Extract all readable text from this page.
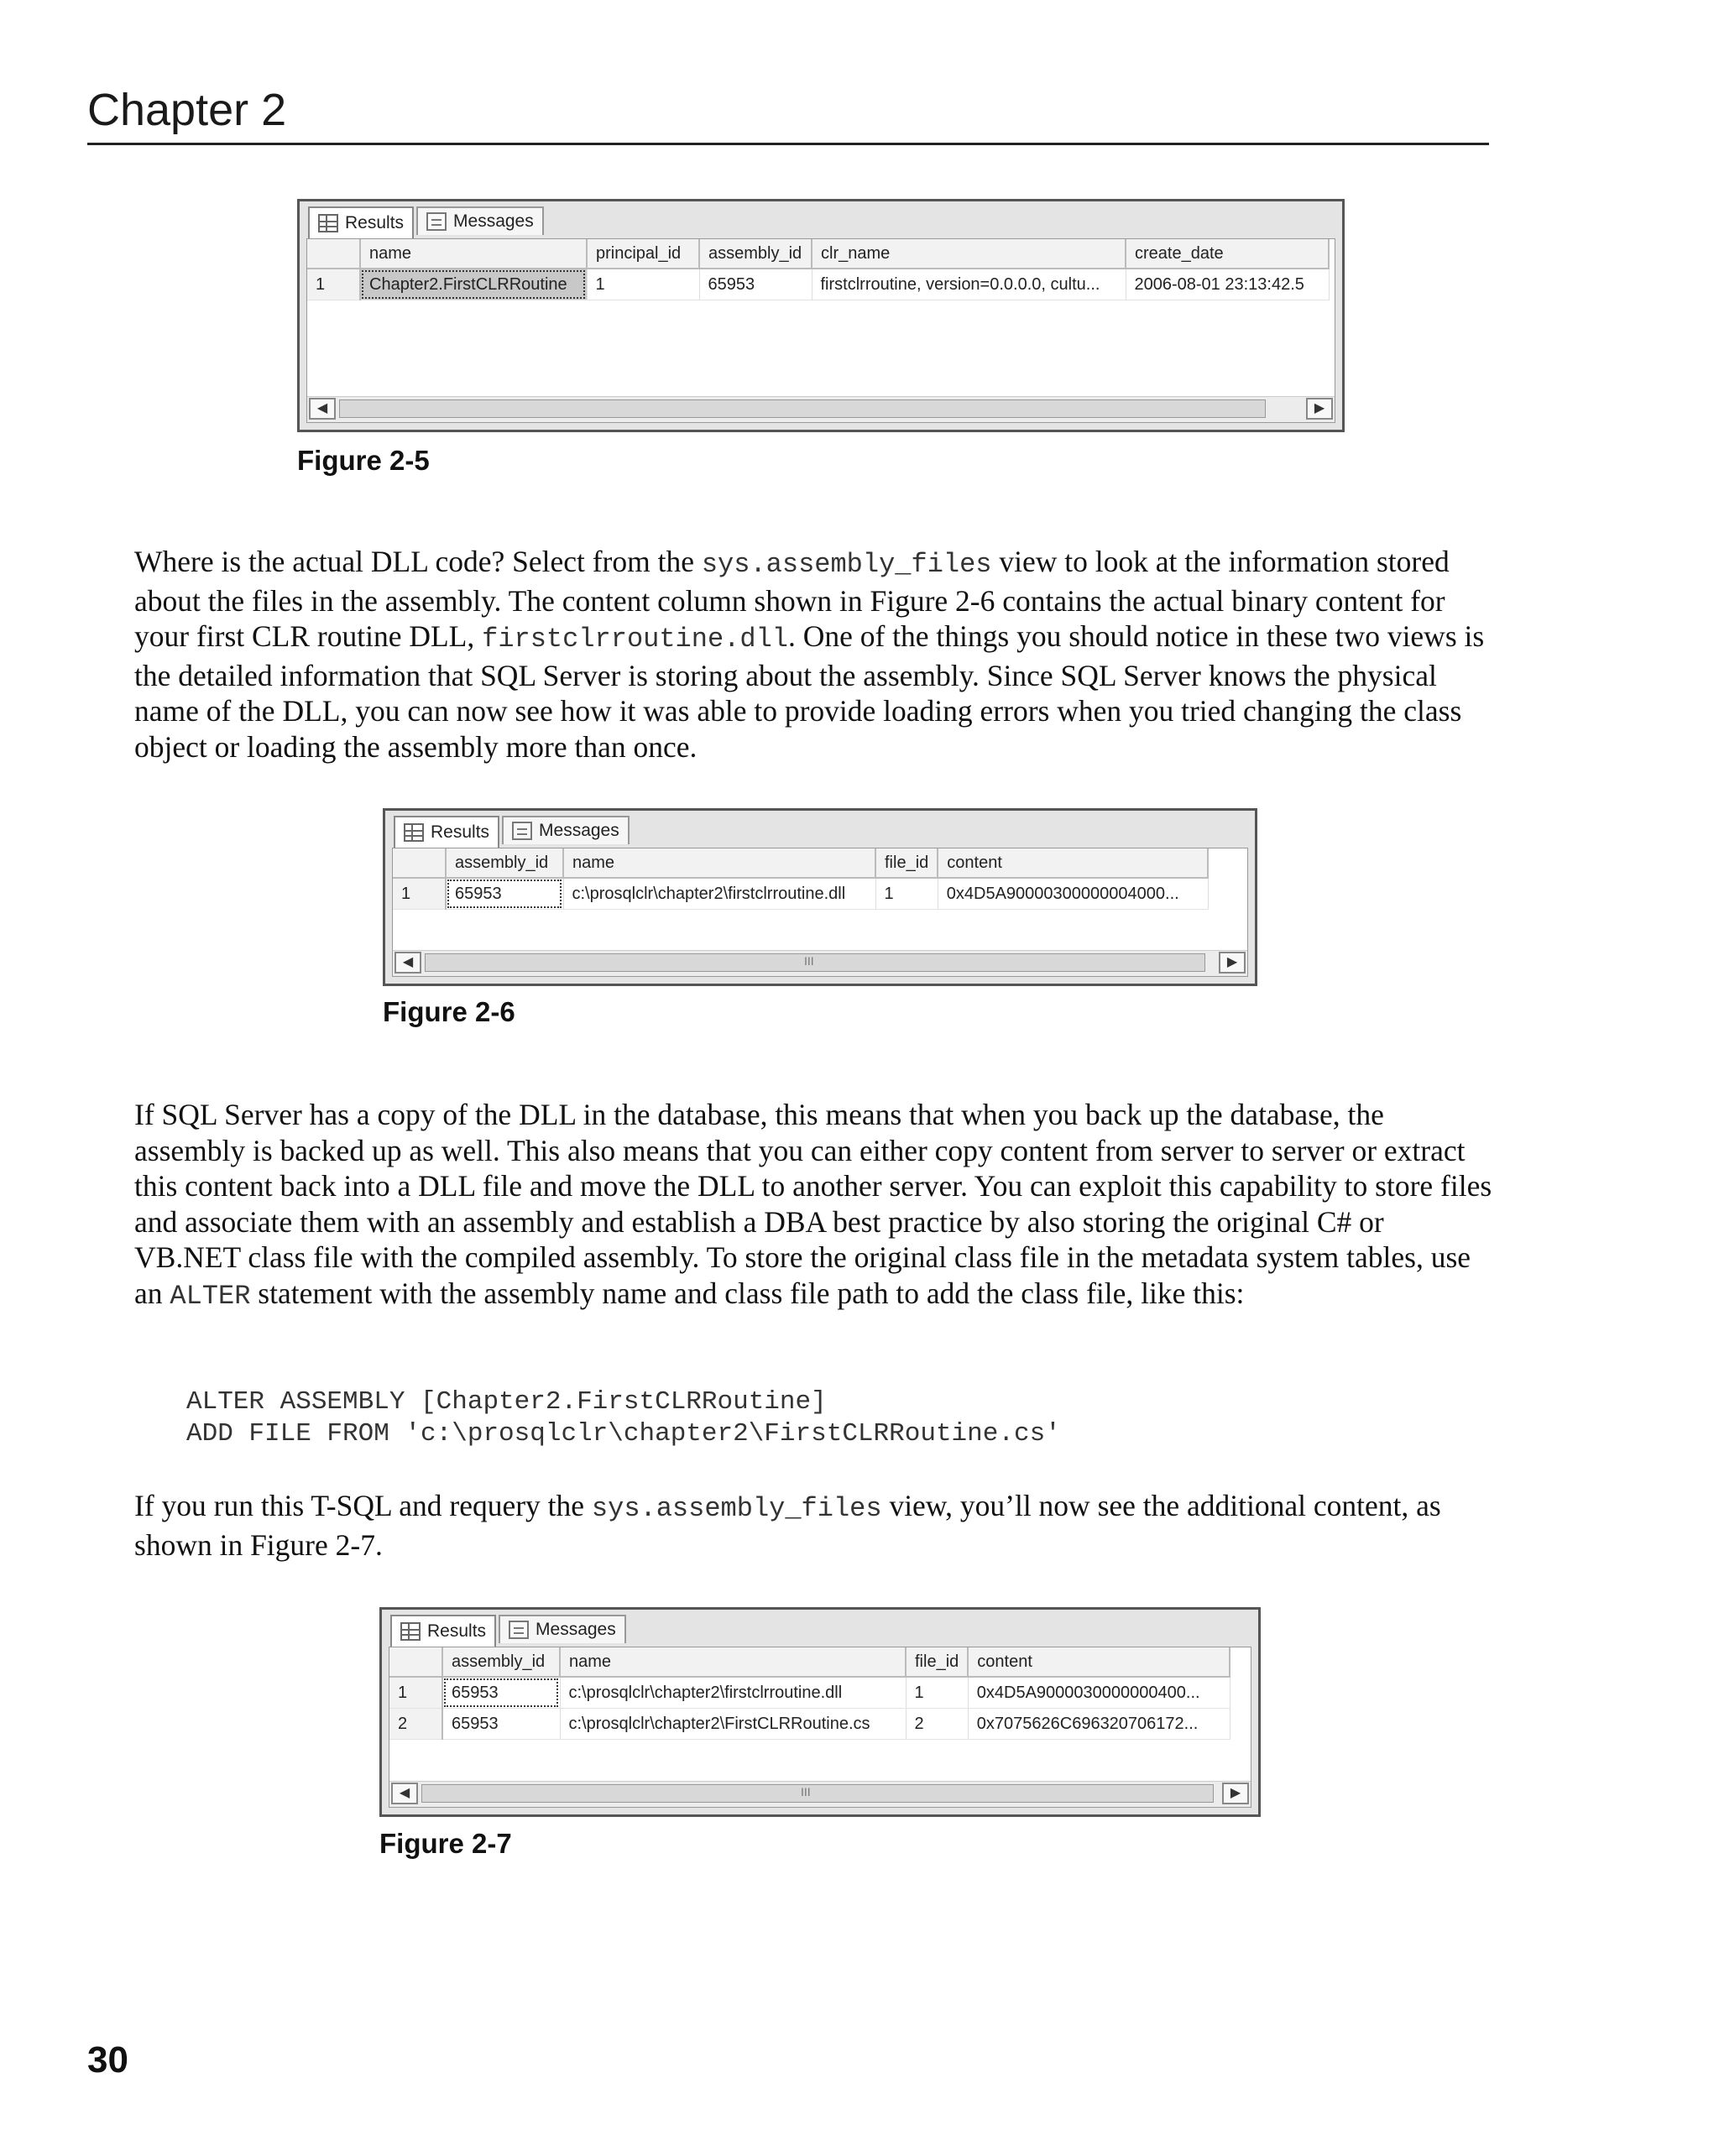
Chapter 2
Results	Messages
	name	principal_id	assembly_id	clr_name	create_date
1	Chapter2.FirstCLRRoutine	1	65953	firstclrroutine, version=0.0.0.0, cultu...	2006-08-01 23:13:42.5
◀	▶
Figure 2-5

Where is the actual DLL code? Select from the sys.assembly_files view to look at the information stored about the files in the assembly. The content column shown in Figure 2-6 contains the actual binary content for your first CLR routine DLL, firstclrroutine.dll. One of the things you should notice in these two views is the detailed information that SQL Server is storing about the assembly. Since SQL Server knows the physical name of the DLL, you can now see how it was able to provide loading errors when you tried changing the class object or loading the assembly more than once.

Results	Messages
	assembly_id	name	file_id	content
1	65953	c:\prosqlclr\chapter2\firstclrroutine.dll	1	0x4D5A90000300000004000...
◀	III	▶
Figure 2-6

If SQL Server has a copy of the DLL in the database, this means that when you back up the database, the assembly is backed up as well. This also means that you can either copy content from server to server or extract this content back into a DLL file and move the DLL to another server. You can exploit this capability to store files and associate them with an assembly and establish a DBA best practice by also storing the original C# or VB.NET class file with the compiled assembly. To store the original class file in the metadata system tables, use an ALTER statement with the assembly name and class file path to add the class file, like this:

ALTER ASSEMBLY [Chapter2.FirstCLRRoutine]
ADD FILE FROM 'c:\prosqlclr\chapter2\FirstCLRRoutine.cs'

If you run this T-SQL and requery the sys.assembly_files view, you’ll now see the additional content, as shown in Figure 2-7.

Results	Messages
	assembly_id	name	file_id	content
1	65953	c:\prosqlclr\chapter2\firstclrroutine.dll	1	0x4D5A9000030000000400...
2	65953	c:\prosqlclr\chapter2\FirstCLRRoutine.cs	2	0x7075626C696320706172...
◀	III	▶
Figure 2-7
30
